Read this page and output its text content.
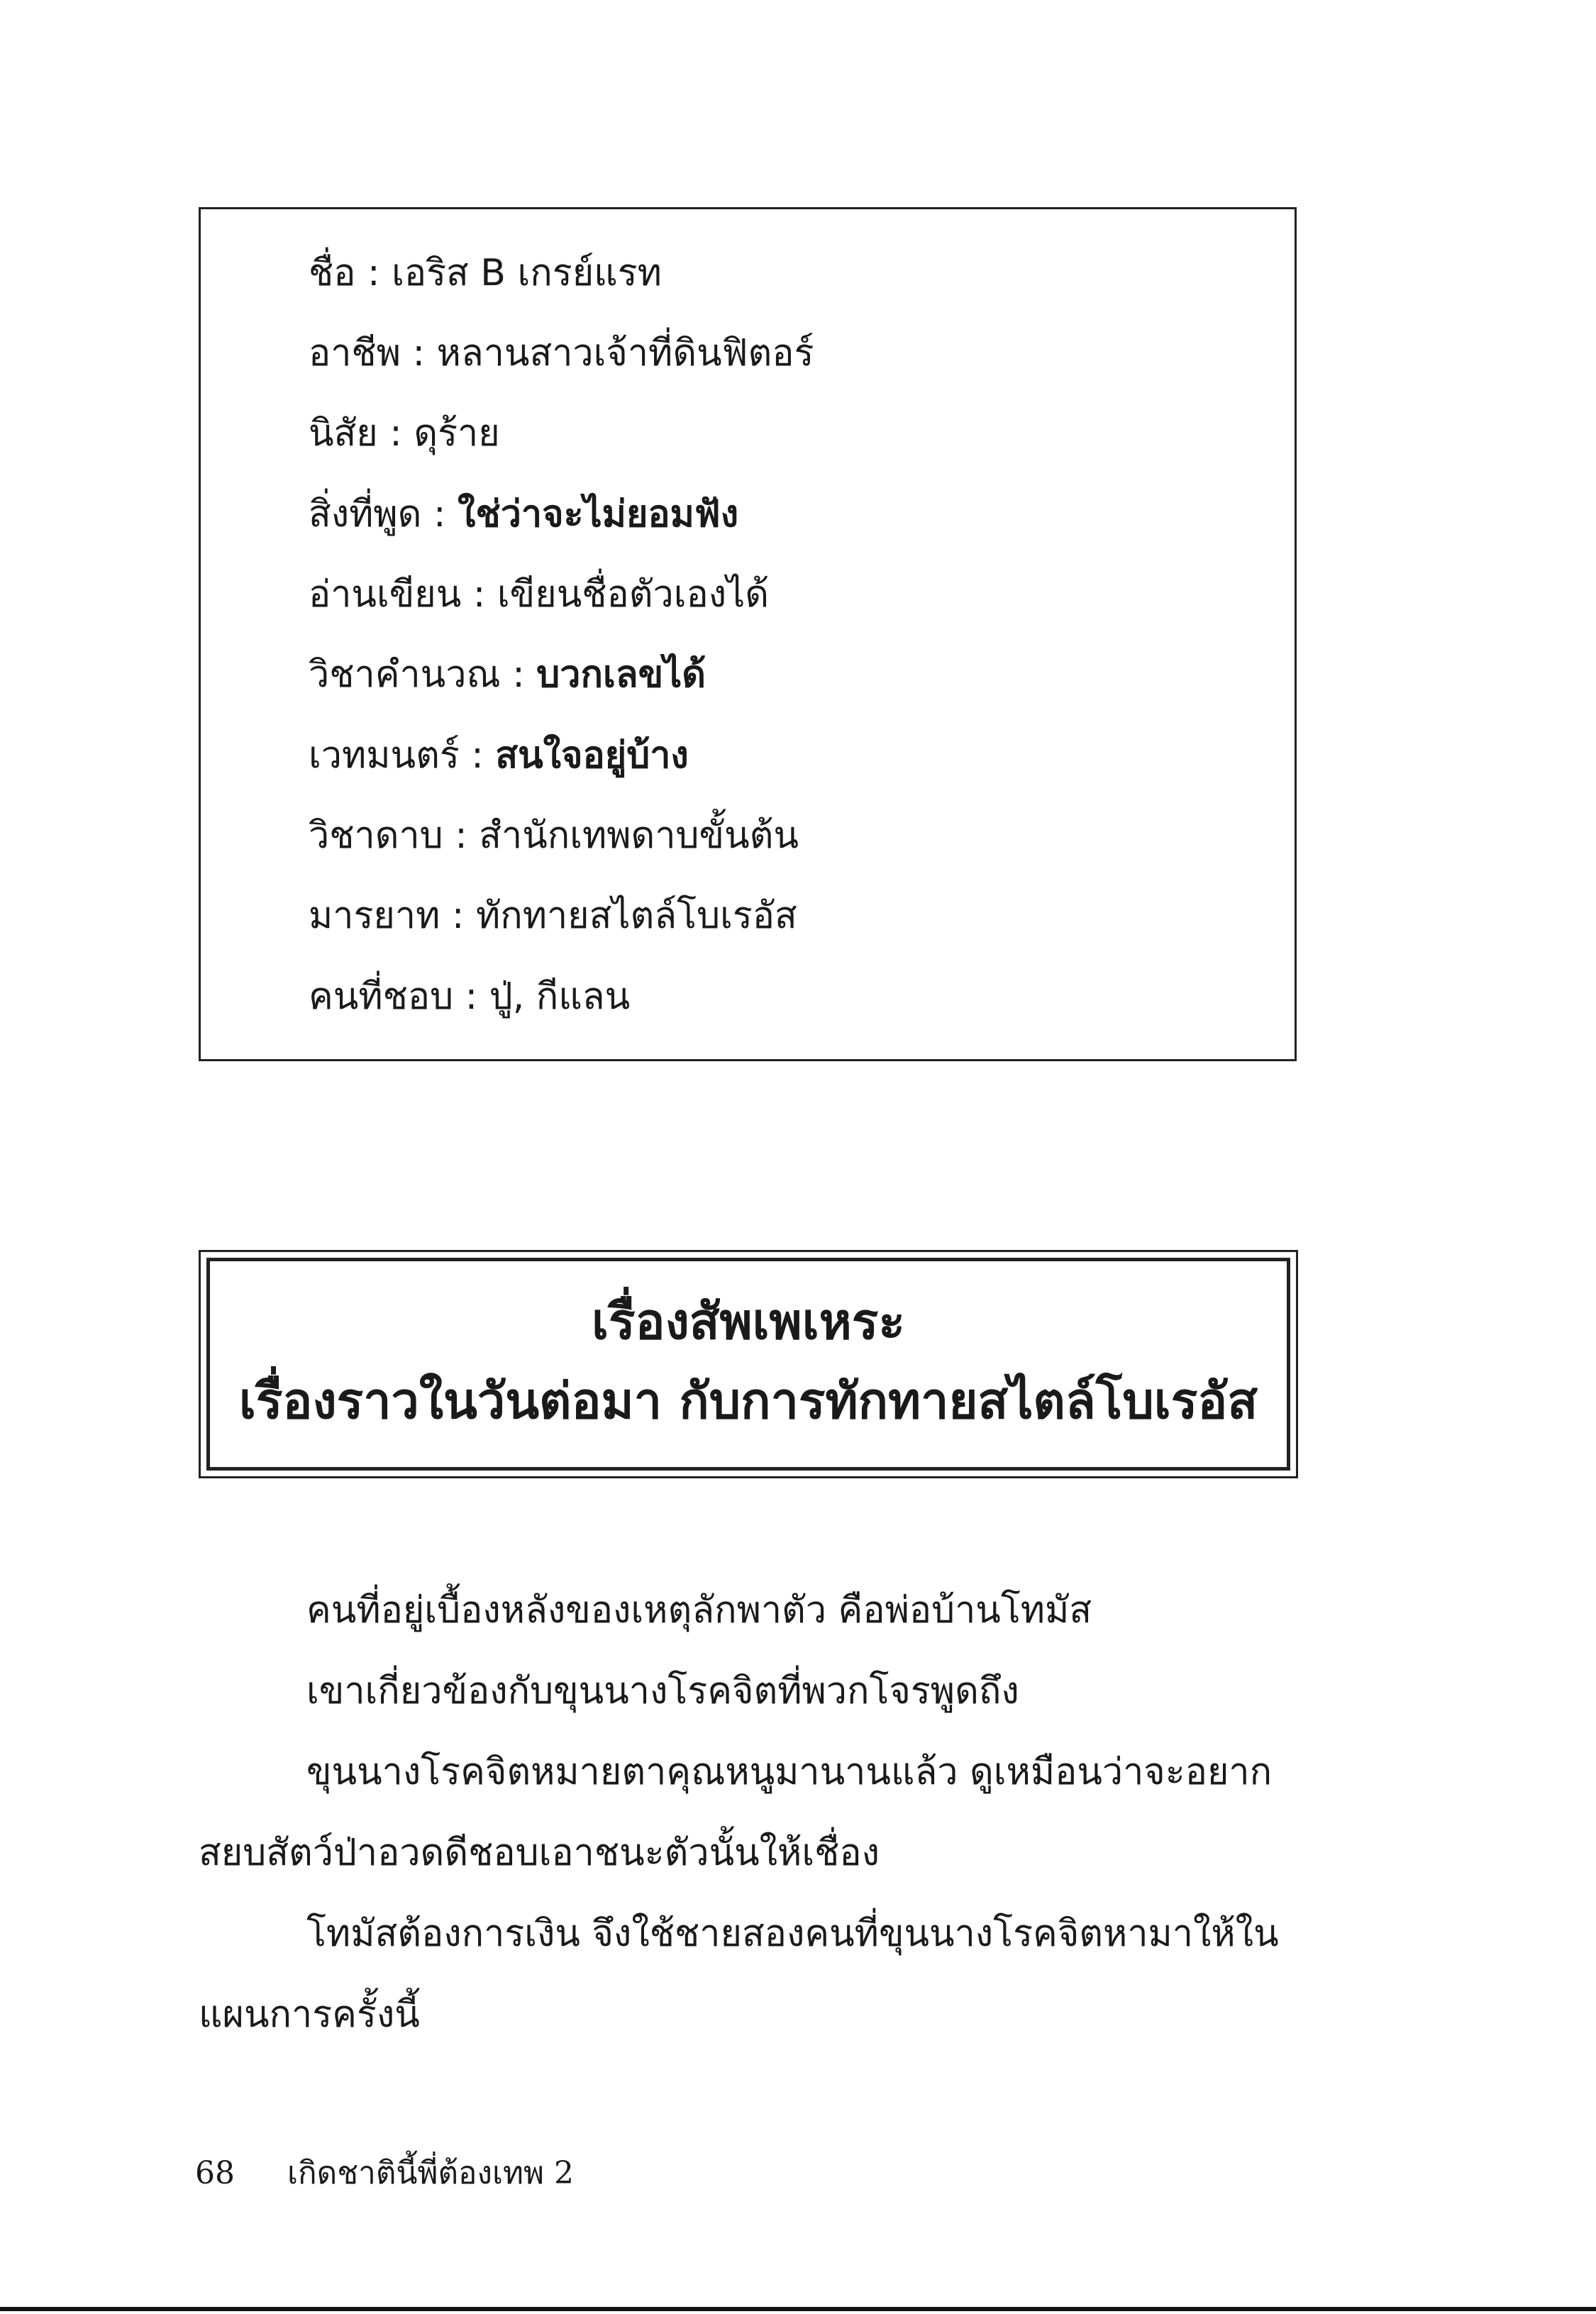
ชื่อ : เอริส B เกรย์แรท
อาชีพ : หลานสาวเจ้าที่ดินฟิตอร์
นิสัย : ดุร้าย
สิ่งที่พูด : ใช่ว่าจะไม่ยอมฟัง
อ่านเขียน : เขียนชื่อตัวเองได้
วิชาคำนวณ : บวกเลขได้
เวทมนตร์ : สนใจอยู่บ้าง
วิชาดาบ : สำนักเทพดาบขั้นต้น
มารยาท : ทักทายสไตล์โบเรอัส
คนที่ชอบ : ปู่, กีแลน
เรื่องสัพเพเหระ
เรื่องราวในวันต่อมา กับการทักทายสไตล์โบเรอัส
คนที่อยู่เบื้องหลังของเหตุลักพาตัว คือพ่อบ้านโทมัส
เขาเกี่ยวข้องกับขุนนางโรคจิตที่พวกโจรพูดถึง
ขุนนางโรคจิตหมายตาคุณหนูมานานแล้ว ดูเหมือนว่าจะอยาก
สยบสัตว์ป่าอวดดีชอบเอาชนะตัวนั้นให้เชื่อง
โทมัสต้องการเงิน จึงใช้ชายสองคนที่ขุนนางโรคจิตหามาให้ใน
แผนการครั้งนี้
68 เกิดชาตินี้พี่ต้องเทพ 2
